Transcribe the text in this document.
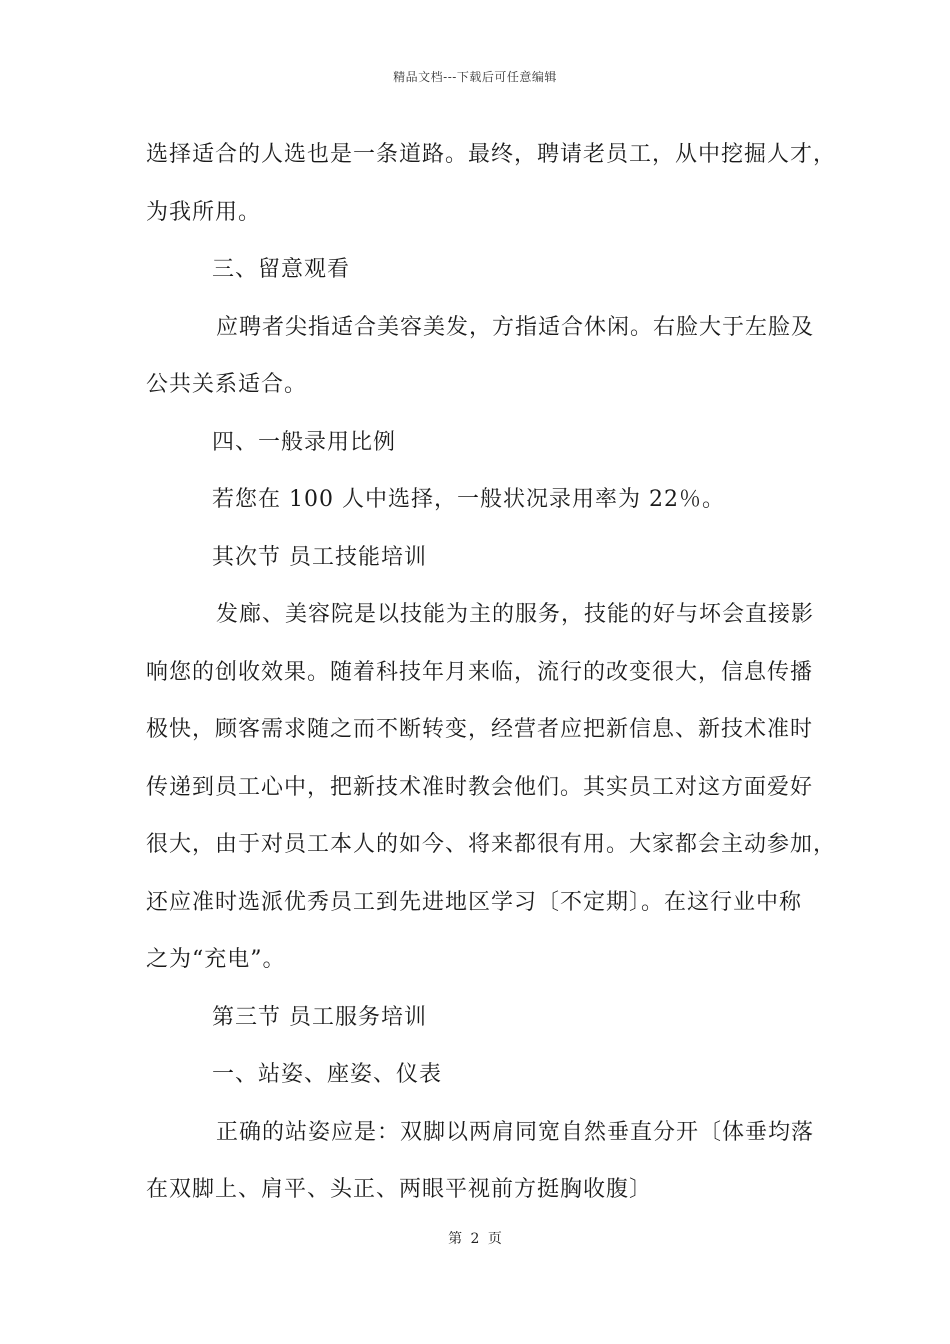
精品文档---下载后可任意编辑
选择适合的人选也是一条道路。最终，聘请老员工，从中挖掘人才，
为我所用。
三、留意观看
应聘者尖指适合美容美发，方指适合休闲。右脸大于左脸及
公共关系适合。
四、一般录用比例
若您在 100 人中选择，一般状况录用率为 22％。
其次节 员工技能培训
发廊、美容院是以技能为主的服务，技能的好与坏会直接影
响您的创收效果。随着科技年月来临，流行的改变很大，信息传播
极快，顾客需求随之而不断转变，经营者应把新信息、新技术准时
传递到员工心中，把新技术准时教会他们。其实员工对这方面爱好
很大，由于对员工本人的如今、将来都很有用。大家都会主动参加，
还应准时选派优秀员工到先进地区学习〔不定期〕。在这行业中称
之为“充电”。
第三节 员工服务培训
一、站姿、座姿、仪表
正确的站姿应是：双脚以两肩同宽自然垂直分开〔体垂均落
在双脚上、肩平、头正、两眼平视前方挺胸收腹〕
第 2 页
